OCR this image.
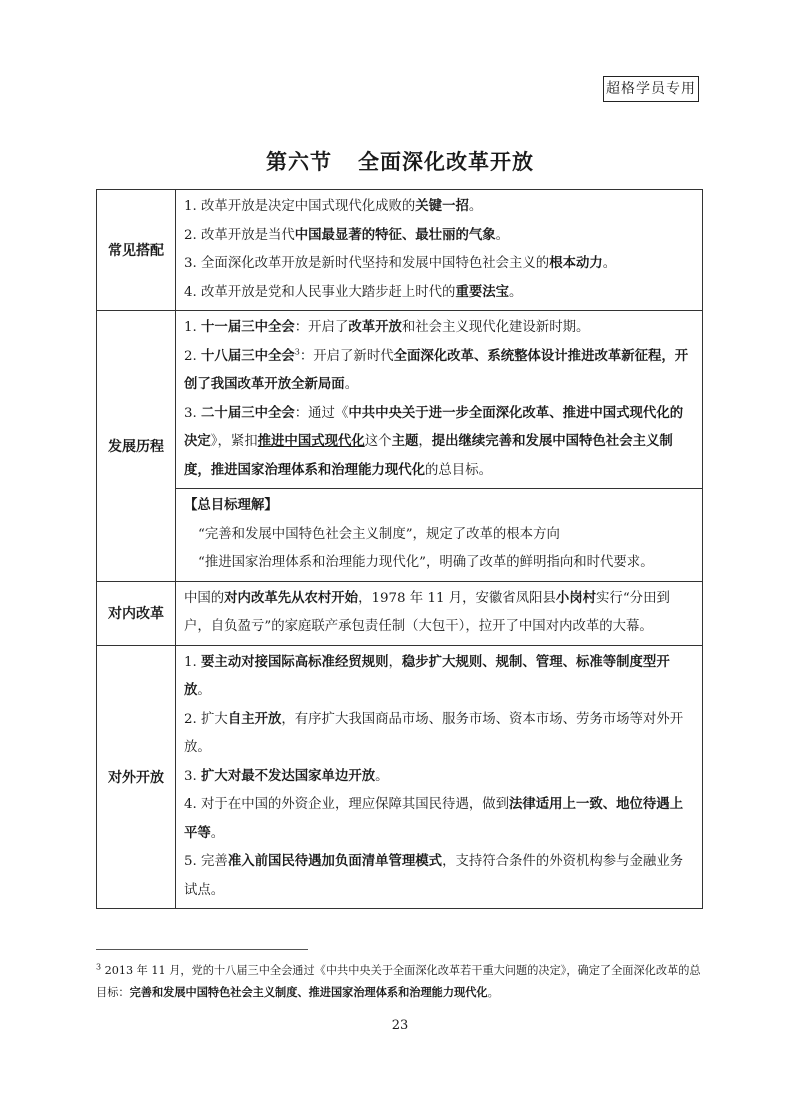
超格学员专用
第六节 全面深化改革开放
常见搭配	1. 改革开放是决定中国式现代化成败的关键一招。
2. 改革开放是当代中国最显著的特征、最壮丽的气象。
3. 全面深化改革开放是新时代坚持和发展中国特色社会主义的根本动力。
4. 改革开放是党和人民事业大踏步赶上时代的重要法宝。

发展历程	1. 十一届三中全会：开启了改革开放和社会主义现代化建设新时期。
2. 十八届三中全会$^3$：开启了新时代全面深化改革、系统整体设计推进改革新征程，开创了我国改革开放全新局面。
3. 二十届三中全会：通过《中共中央关于进一步全面深化改革、推进中国式现代化的决定》，紧扣推进中国式现代化这个主题，提出继续完善和发展中国特色社会主义制度，推进国家治理体系和治理能力现代化的总目标。

	【总目标理解】
“完善和发展中国特色社会主义制度”，规定了改革的根本方向
“推进国家治理体系和治理能力现代化”，明确了改革的鲜明指向和时代要求。

对内改革	中国的对内改革先从农村开始，1978 年 11 月，安徽省凤阳县小岗村实行“分田到户，自负盈亏”的家庭联产承包责任制（大包干），拉开了中国对内改革的大幕。

对外开放	1. 要主动对接国际高标准经贸规则，稳步扩大规则、规制、管理、标准等制度型开放。
2. 扩大自主开放，有序扩大我国商品市场、服务市场、资本市场、劳务市场等对外开放。
3. 扩大对最不发达国家单边开放。
4. 对于在中国的外资企业，理应保障其国民待遇，做到法律适用上一致、地位待遇上平等。
5. 完善准入前国民待遇加负面清单管理模式，支持符合条件的外资机构参与金融业务试点。
$^3$ 2013 年 11 月，党的十八届三中全会通过《中共中央关于全面深化改革若干重大问题的决定》，确定了全面深化改革的总目标：完善和发展中国特色社会主义制度、推进国家治理体系和治理能力现代化。
23
